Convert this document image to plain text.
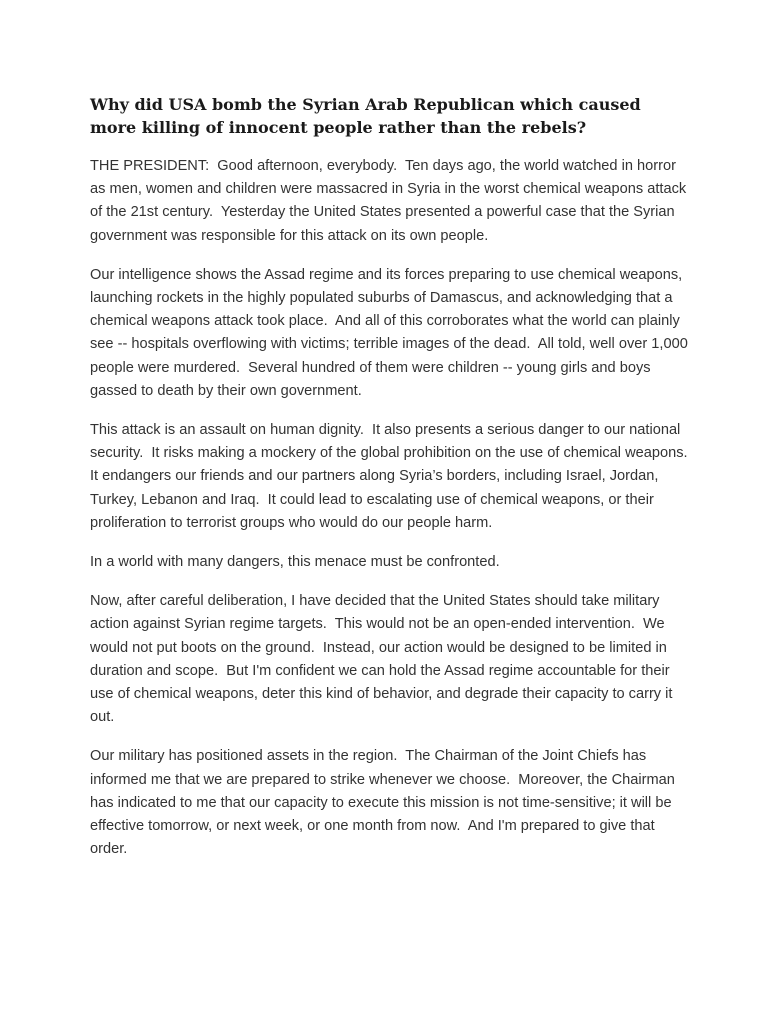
Why did USA bomb the Syrian Arab Republican which caused more killing of innocent people rather than the rebels?

THE PRESIDENT:  Good afternoon, everybody.  Ten days ago, the world watched in horror as men, women and children were massacred in Syria in the worst chemical weapons attack of the 21st century.  Yesterday the United States presented a powerful case that the Syrian government was responsible for this attack on its own people.

Our intelligence shows the Assad regime and its forces preparing to use chemical weapons, launching rockets in the highly populated suburbs of Damascus, and acknowledging that a chemical weapons attack took place.  And all of this corroborates what the world can plainly see -- hospitals overflowing with victims; terrible images of the dead.  All told, well over 1,000 people were murdered.  Several hundred of them were children -- young girls and boys gassed to death by their own government.

This attack is an assault on human dignity.  It also presents a serious danger to our national security.  It risks making a mockery of the global prohibition on the use of chemical weapons.  It endangers our friends and our partners along Syria’s borders, including Israel, Jordan, Turkey, Lebanon and Iraq.  It could lead to escalating use of chemical weapons, or their proliferation to terrorist groups who would do our people harm.

In a world with many dangers, this menace must be confronted.

Now, after careful deliberation, I have decided that the United States should take military action against Syrian regime targets.  This would not be an open-ended intervention.  We would not put boots on the ground.  Instead, our action would be designed to be limited in duration and scope.  But I'm confident we can hold the Assad regime accountable for their use of chemical weapons, deter this kind of behavior, and degrade their capacity to carry it out.

Our military has positioned assets in the region.  The Chairman of the Joint Chiefs has informed me that we are prepared to strike whenever we choose.  Moreover, the Chairman has indicated to me that our capacity to execute this mission is not time-sensitive; it will be effective tomorrow, or next week, or one month from now.  And I'm prepared to give that order.
